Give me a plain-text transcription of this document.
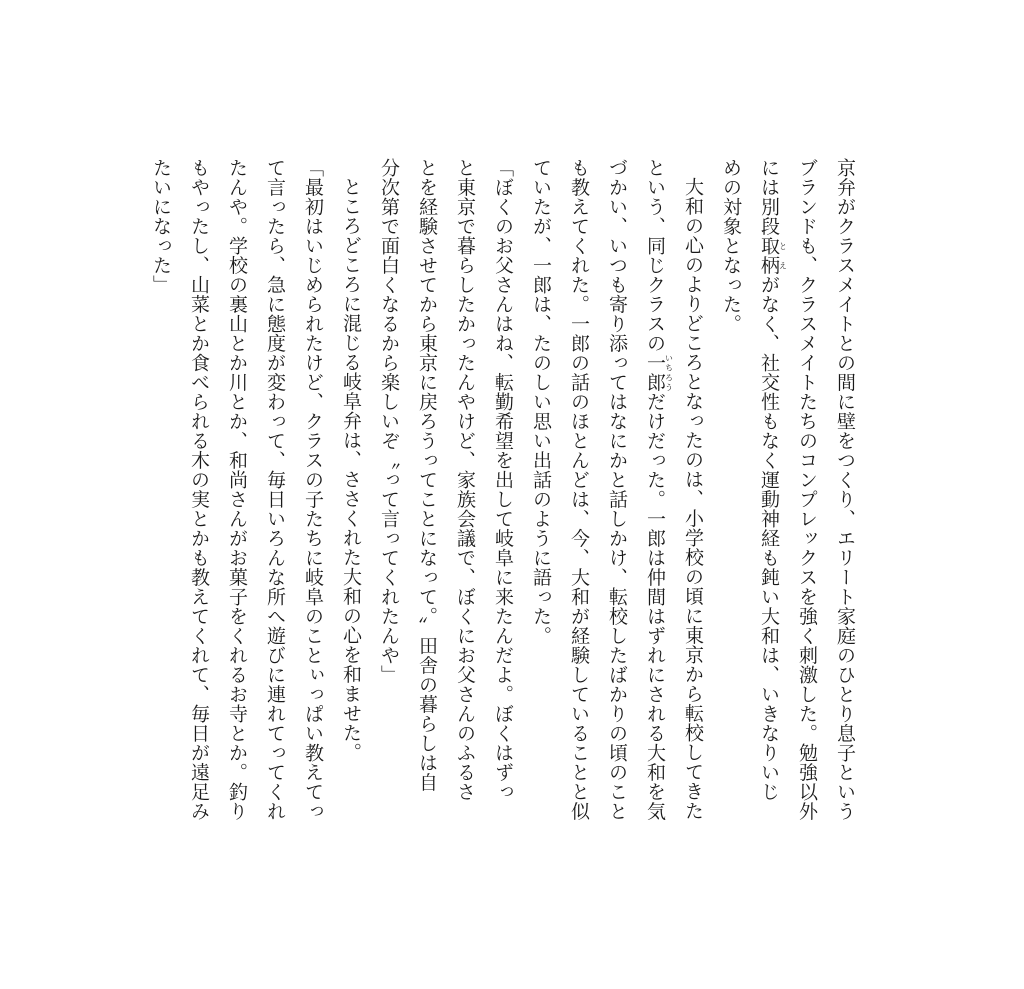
京弁がクラスメイトとの間に壁をつくり、エリート家庭のひとり息子という
ブランドも、クラスメイトたちのコンプレックスを強く刺激した。勉強以外
には別段取柄とえがなく、社交性もなく運動神経も鈍い大和は、いきなりいじ
めの対象となった。
大和の心のよりどころとなったのは、小学校の頃に東京から転校してきた
という、同じクラスの一郎いちろうだけだった。一郎は仲間はずれにされる大和を気
づかい、いつも寄り添ってはなにかと話しかけ、転校したばかりの頃のこと
も教えてくれた。一郎の話のほとんどは、今、大和が経験していることと似
ていたが、一郎は、たのしい思い出話のように語った。
「ぼくのお父さんはね、転勤希望を出して岐阜に来たんだよ。ぼくはずっ
と東京で暮らしたかったんやけど、家族会議で、ぼくにお父さんのふるさ
とを経験させてから東京に戻ろうってことになって。〞田舎の暮らしは自
分次第で面白くなるから楽しいぞ〝って言ってくれたんや」
ところどころに混じる岐阜弁は、ささくれた大和の心を和ませた。
「最初はいじめられたけど、クラスの子たちに岐阜のことぃっぱい教えてっ
て言ったら、急に態度が変わって、毎日いろんな所へ遊びに連れてってくれ
たんや。学校の裏山とか川とか、和尚さんがお菓子をくれるお寺とか。釣り
もやったし、山菜とか食べられる木の実とかも教えてくれて、毎日が遠足み
たいになった」
